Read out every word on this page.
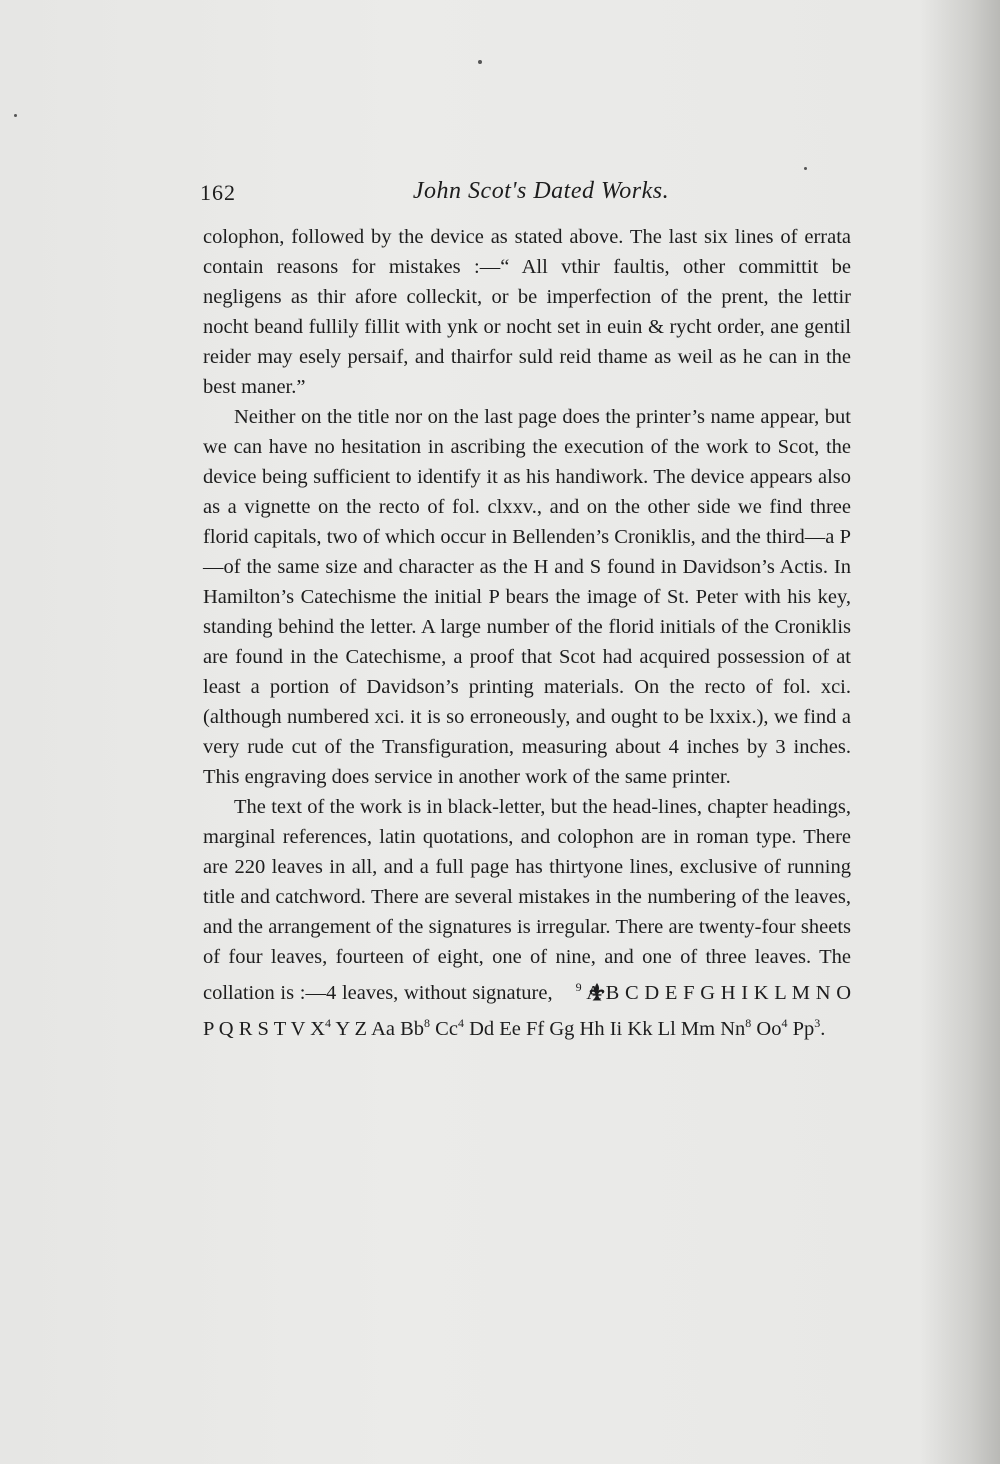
162	John Scot's Dated Works.

colophon, followed by the device as stated above. The last six lines of errata contain reasons for mistakes :—“ All vthir faultis, other committit be negligens as thir afore colleckit, or be imperfection of the prent, the lettir nocht beand fullily fillit with ynk or nocht set in euin & rycht order, ane gentil reider may esely persaif, and thairfor suld reid thame as weil as he can in the best maner.”

Neither on the title nor on the last page does the printer’s name appear, but we can have no hesitation in ascribing the execution of the work to Scot, the device being sufficient to identify it as his handiwork. The device appears also as a vignette on the recto of fol. clxxv., and on the other side we find three florid capitals, two of which occur in Bellenden’s Croniklis, and the third—a P—of the same size and character as the H and S found in Davidson’s Actis. In Hamilton’s Catechisme the initial P bears the image of St. Peter with his key, standing behind the letter. A large number of the florid initials of the Croniklis are found in the Catechisme, a proof that Scot had acquired possession of at least a portion of Davidson’s printing materials. On the recto of fol. xci. (although numbered xci. it is so erroneously, and ought to be lxxix.), we find a very rude cut of the Transfiguration, measuring about 4 inches by 3 inches. This engraving does service in another work of the same printer.

The text of the work is in black-letter, but the head-lines, chapter headings, marginal references, latin quotations, and colophon are in roman type. There are 220 leaves in all, and a full page has thirtyone lines, exclusive of running title and catchword. There are several mistakes in the numbering of the leaves, and the arrangement of the signatures is irregular. There are twenty-four sheets of four leaves, fourteen of eight, one of nine, and one of three leaves. The collation is :—4 leaves, without signature, $^9$ A B C D E F G H I K L M N O P Q R S T V $X^4$ Y Z Aa Bb$^8$ Cc$^4$ Dd Ee Ff Gg Hh Ii Kk Ll Mm Nn$^8$ Oo$^4$ Pp$^3$.
